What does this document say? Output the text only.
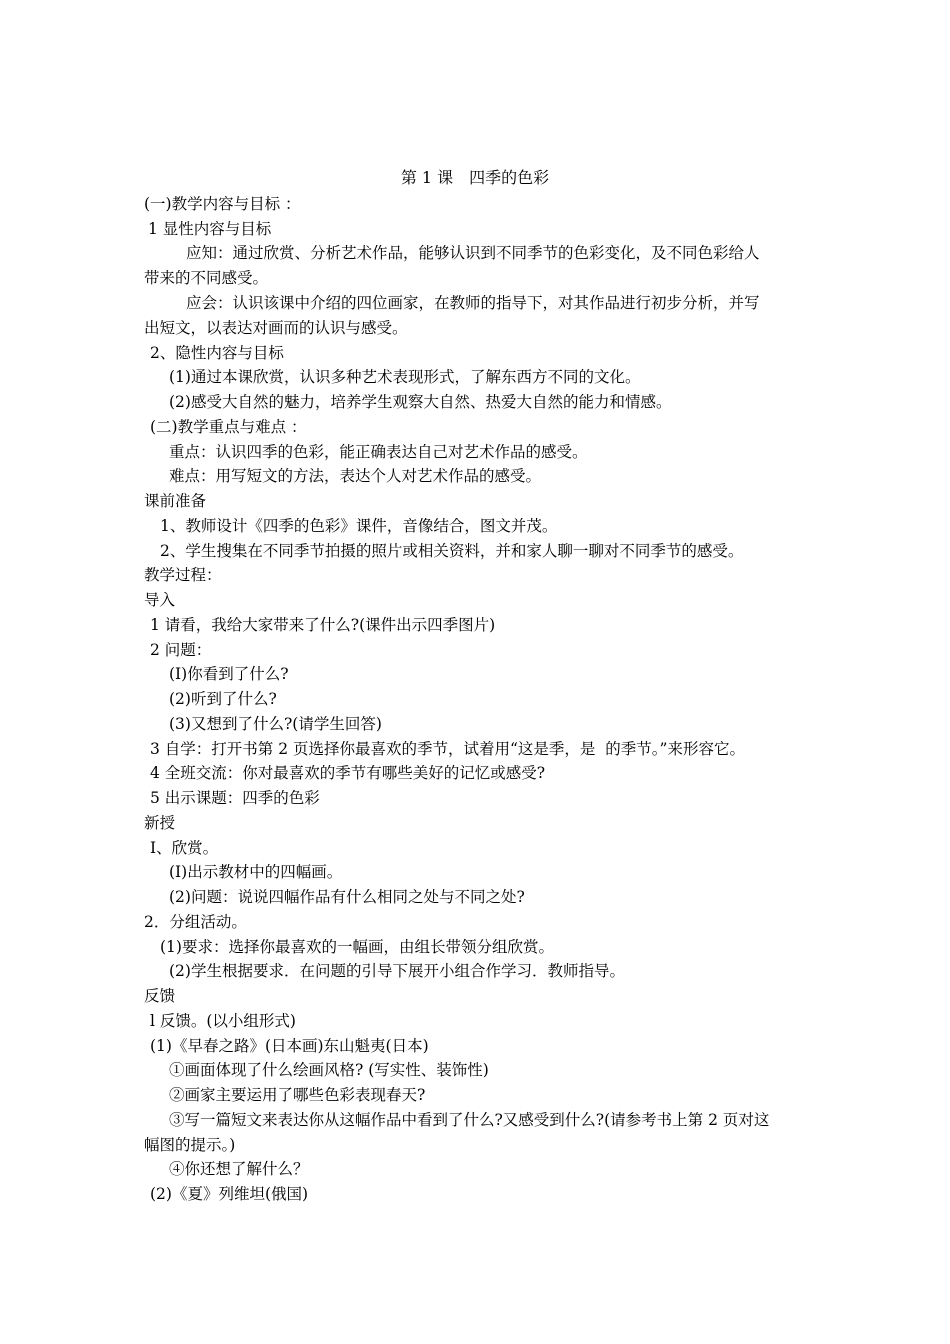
第 1 课　四季的色彩
(一)教学内容与目标 ：
1 显性内容与目标
应知：通过欣赏、分析艺术作品，能够认识到不同季节的色彩变化，及不同色彩给人
带来的不同感受。
应会：认识该课中介绍的四位画家，在教师的指导下，对其作品进行初步分析，并写
出短文，以表达对画而的认识与感受。
2、隐性内容与目标
(1)通过本课欣赏，认识多种艺术表现形式，了解东西方不同的文化。
(2)感受大自然的魅力，培养学生观察大自然、热爱大自然的能力和情感。
(二)教学重点与难点 ：
重点：认识四季的色彩，能正确表达自己对艺术作品的感受。
难点：用写短文的方法，表达个人对艺术作品的感受。
课前准备
1、教师设计《四季的色彩》课件，音像结合，图文并茂。
2、学生搜集在不同季节拍摄的照片或相关资料，并和家人聊一聊对不同季节的感受。
教学过程：
导入
1 请看，我给大家带来了什么?(课件出示四季图片)
2 问题：
(I)你看到了什么?
(2)听到了什么?
(3)又想到了什么?(请学生回答)
3 自学：打开书第 2 页选择你最喜欢的季节，试着用“这是季，是  的季节。”来形容它。
4 全班交流：你对最喜欢的季节有哪些美好的记忆或感受?
5 出示课题：四季的色彩
新授
I、欣赏。
(I)出示教材中的四幅画。
(2)问题：说说四幅作品有什么相同之处与不同之处?
2．分组活动。
(1)要求：选择你最喜欢的一幅画，由组长带领分组欣赏。
(2)学生根据要求．在问题的引导下展开小组合作学习．教师指导。
反馈
l 反馈。(以小组形式)
(1)《早春之路》(日本画)东山魁夷(日本)
①画面体现了什么绘画风格? (写实性、装饰性)
②画家主要运用了哪些色彩表现春天?
③写一篇短文来表达你从这幅作品中看到了什么?又感受到什么?(请参考书上第 2 页对这
幅图的提示。)
④你还想了解什么？
(2)《夏》列维坦(俄国)
